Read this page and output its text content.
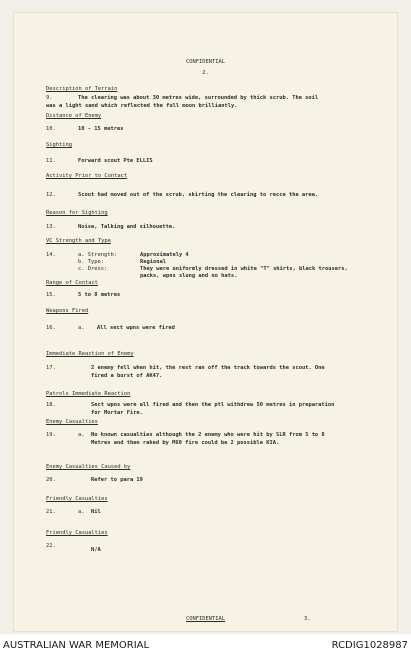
CONFIDENTIAL
2.
Description of Terrain
9.	The clearing was about 30 metres wide, surrounded by thick scrub. The soil
was a light sand which reflected the full moon brilliantly.
Distance of Enemy
10.	10 - 15 metres
Sighting
11.	Forward scout Pte ELLIS
Activity Prior to Contact
12.	Scout had moved out of the scrub, skirting the clearing to recce the area.
Reason for Sighting
13.	Noise, Talking and silhouette.
VC Strength and Type
14.	a. Strength:	Approximately 4
b. Type:	Regional
c. Dress:	They were uniformly dressed in white "T" shirts, black trousers,
packs, wpns slung and no hats.
Range of Contact
15.	5 to 8 metres
Weapons Fired
16.	a. All sect wpns were fired
Immediate Reaction of Enemy
17.	2 enemy fell when hit, the rest ran off the track towards the scout. One
fired a burst of AK47.
Patrols Immediate Reaction
18.	Sect wpns were all fired and then the ptl withdrew 50 metres in preparation
for Mortar Fire.
Enemy Casualties
19.	a. No known casualties although the 2 enemy who were hit by SLR from 5 to 8
Metres and then raked by M60 fire could be 2 possible KIA.
Enemy Casualties Caused by
20.	Refer to para 19
Friendly Casualties
21.	a. Nil
Friendly Casualties
22.
N/A
CONFIDENTIAL	3.
AUSTRALIAN WAR MEMORIAL	RCDIG1028987
